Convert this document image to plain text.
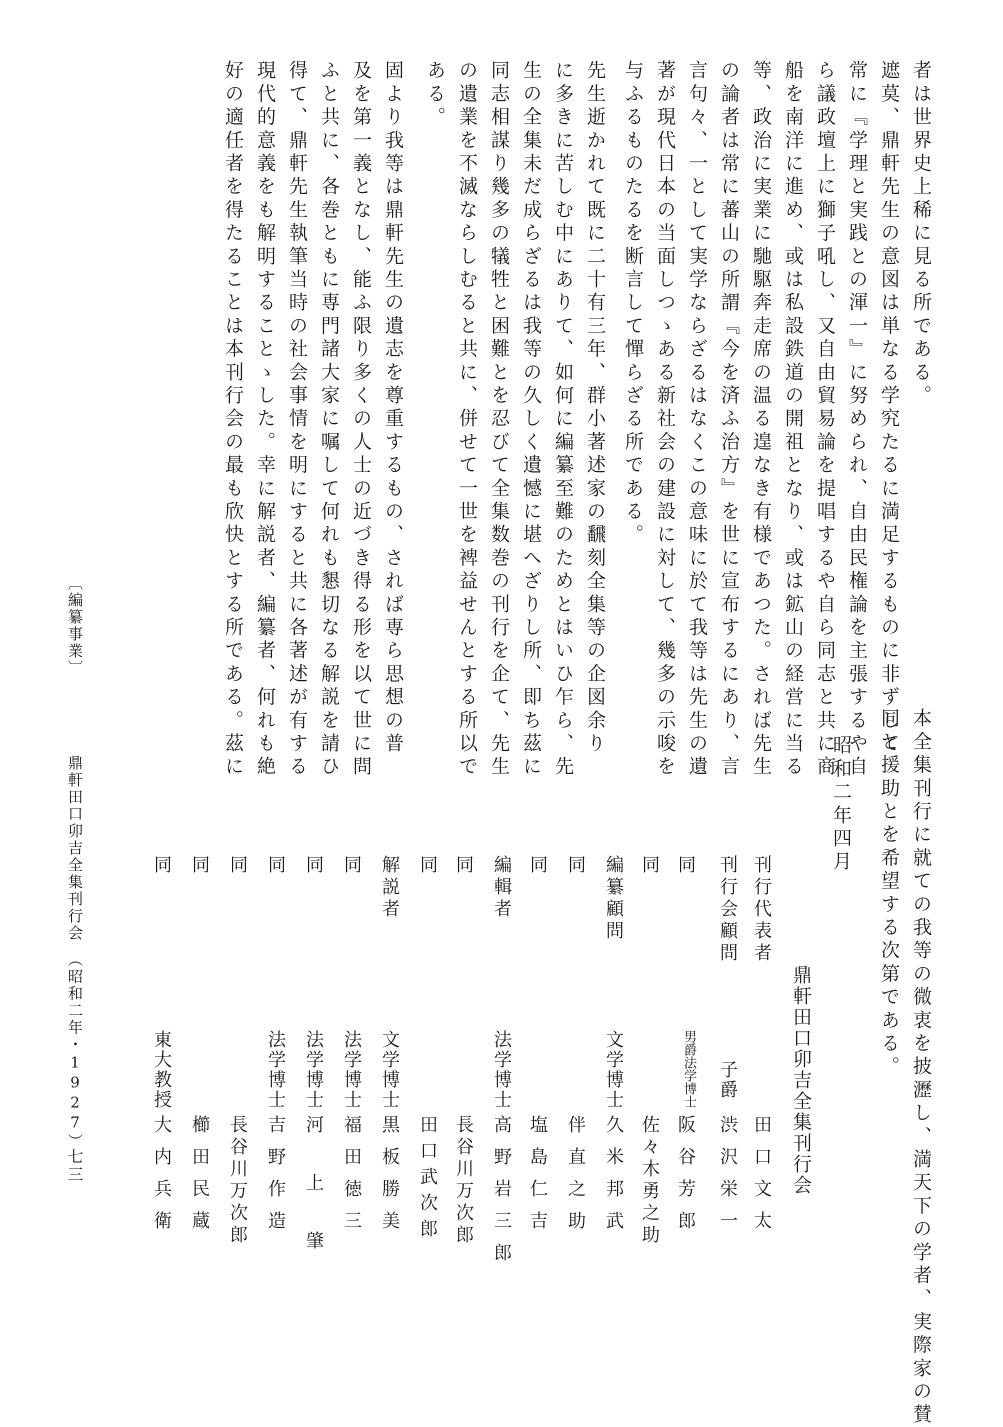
者は世界史上稀に見る所である。
遮莫、鼎軒先生の意図は単なる学究たるに満足するものに非ずして
常に『学理と実践との渾一』に努められ、自由民権論を主張するや自
ら議政壇上に獅子吼し、又自由貿易論を提唱するや自ら同志と共に商
船を南洋に進め、或は私設鉄道の開祖となり、或は鉱山の経営に当る
等、政治に実業に馳駆奔走席の温る遑なき有様であつた。されば先生
の論者は常に蕃山の所謂『今を済ふ治方』を世に宣布するにあり、言
言句々、一として実学ならざるはなくこの意味に於て我等は先生の遺
著が現代日本の当面しつゝある新社会の建設に対して、幾多の示唆を
与ふるものたるを断言して憚らざる所である。
先生逝かれて既に二十有三年、群小著述家の飜刻全集等の企図余り
に多きに苦しむ中にありて、如何に編纂至難のためとはいひ乍ら、先
生の全集未だ成らざるは我等の久しく遺憾に堪へざりし所、即ち茲に
同志相謀り幾多の犠牲と困難とを忍びて全集数巻の刊行を企て、先生
の遺業を不滅ならしむると共に、併せて一世を裨益せんとする所以で
ある。
固より我等は鼎軒先生の遺志を尊重するもの、されば専ら思想の普
及を第一義となし、能ふ限り多くの人士の近づき得る形を以て世に問
ふと共に、各巻ともに専門諸大家に嘱して何れも懇切なる解説を請ひ
得て、鼎軒先生執筆当時の社会事情を明にすると共に各著述が有する
現代的意義をも解明することゝした。幸に解説者、編纂者、何れも絶
好の適任者を得たることは本刊行会の最も欣快とする所である。茲に
本全集刊行に就ての我等の微衷を披瀝し、満天下の学者、実際家の賛
同と援助とを希望する次第である。
昭和二年四月
鼎軒田口卯吉全集刊行会
刊行代表者
田口文太
刊行会顧問
子爵
渋沢栄一
同
男爵法学博士
阪谷芳郎
同
佐々木勇之助
編纂顧問
文学博士
久米邦武
同
伴直之助
同
塩島仁吉
編輯者
法学博士
高野岩三郎
同
長谷川万次郎
同
田口武次郎
解説者
文学博士
黒板勝美
同
法学博士
福田徳三
同
法学博士
河上肇
同
法学博士
吉野作造
同
長谷川万次郎
同
櫛田民蔵
同
東大教授
大内兵衛
〔編纂事業〕
鼎軒田口卯吉全集刊行会　（昭和二年・1927）
七三
